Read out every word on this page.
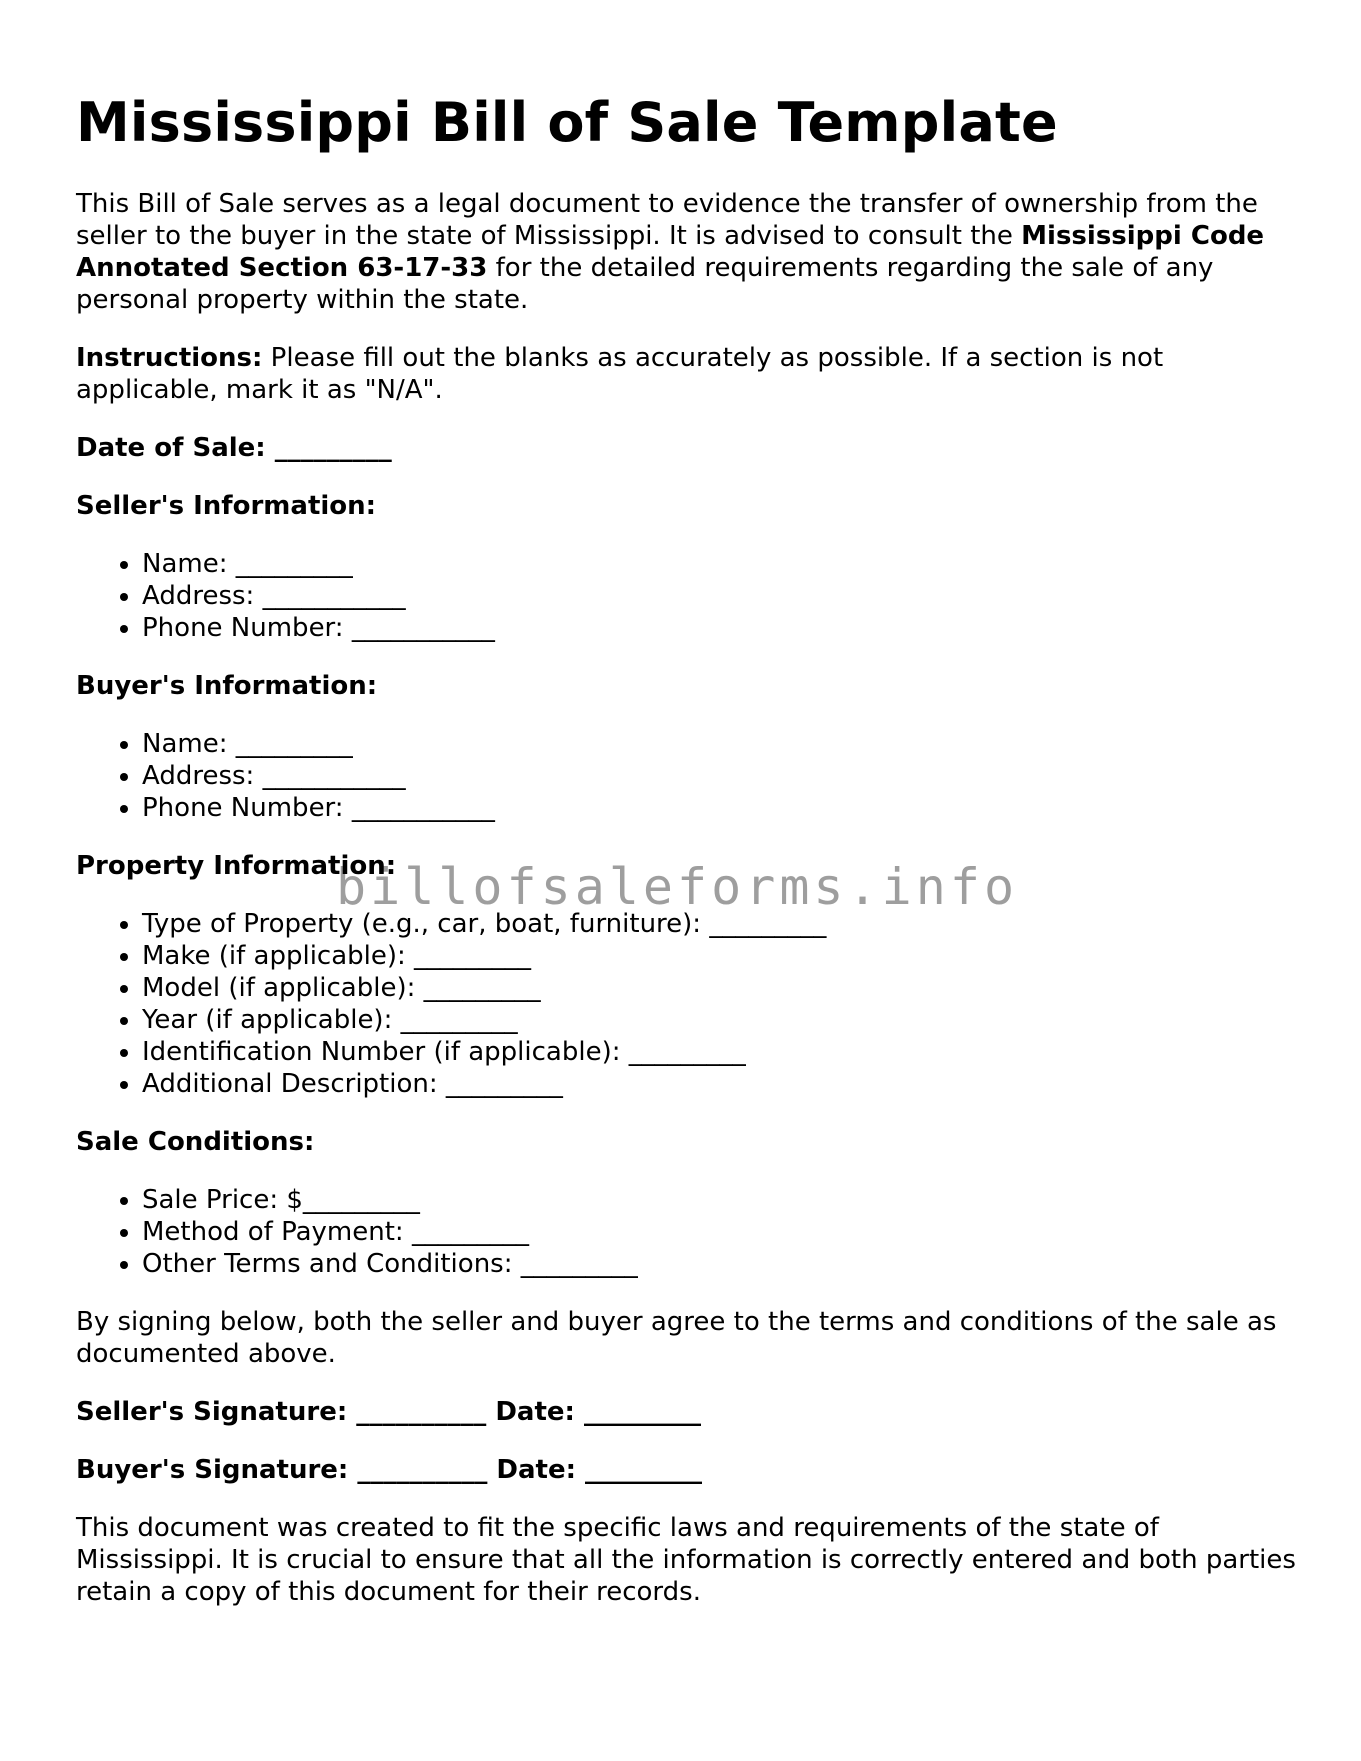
Mississippi Bill of Sale Template

This Bill of Sale serves as a legal document to evidence the transfer of ownership from the seller to the buyer in the state of Mississippi. It is advised to consult the Mississippi Code Annotated Section 63-17-33 for the detailed requirements regarding the sale of any personal property within the state.

Instructions: Please fill out the blanks as accurately as possible. If a section is not applicable, mark it as "N/A".

Date of Sale: _________

Seller's Information:

• Name: _________
• Address: ___________
• Phone Number: ___________

Buyer's Information:

• Name: _________
• Address: ___________
• Phone Number: ___________

Property Information:

• Type of Property (e.g., car, boat, furniture): _________
• Make (if applicable): _________
• Model (if applicable): _________
• Year (if applicable): _________
• Identification Number (if applicable): _________
• Additional Description: _________

Sale Conditions:

• Sale Price: $_________
• Method of Payment: _________
• Other Terms and Conditions: _________

By signing below, both the seller and buyer agree to the terms and conditions of the sale as documented above.

Seller's Signature: __________ Date: _________

Buyer's Signature: __________ Date: _________

This document was created to fit the specific laws and requirements of the state of Mississippi. It is crucial to ensure that all the information is correctly entered and both parties retain a copy of this document for their records.

billofsaleforms.info
